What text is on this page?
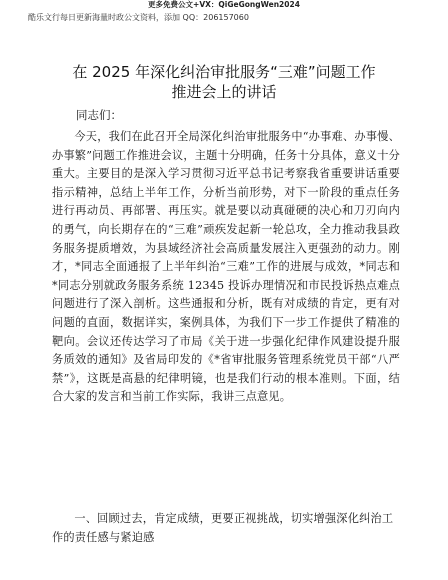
更多免费公文+VX：QiGeGongWen2024
酷乐文行每日更新海量时政公文资料，添加 QQ：206157060
在 2025 年深化纠治审批服务“三难”问题工作
推进会上的讲话
同志们：

今天，我们在此召开全局深化纠治审批服务中“办事难、办事慢、办事繁”问题工作推进会议，主题十分明确，任务十分具体，意义十分重大。主要目的是深入学习贯彻习近平总书记考察我省重要讲话重要指示精神，总结上半年工作，分析当前形势，对下一阶段的重点任务进行再动员、再部署、再压实。就是要以动真碰硬的决心和刀刃向内的勇气，向长期存在的“三难”顽疾发起新一轮总攻，全力推动我县政务服务提质增效，为县域经济社会高质量发展注入更强劲的动力。刚才，*同志全面通报了上半年纠治“三难”工作的进展与成效，*同志和*同志分别就政务服务系统 12345 投诉办理情况和市民投诉热点难点问题进行了深入剖析。这些通报和分析，既有对成绩的肯定，更有对问题的直面，数据详实，案例具体，为我们下一步工作提供了精准的靶向。会议还传达学习了市局《关于进一步强化纪律作风建设提升服务质效的通知》及省局印发的《*省审批服务管理系统党员干部“八严禁”》，这既是高悬的纪律明镜，也是我们行动的根本准则。下面，结合大家的发言和当前工作实际，我讲三点意见。

一、回顾过去，肯定成绩，更要正视挑战，切实增强深化纠治工作的责任感与紧迫感
